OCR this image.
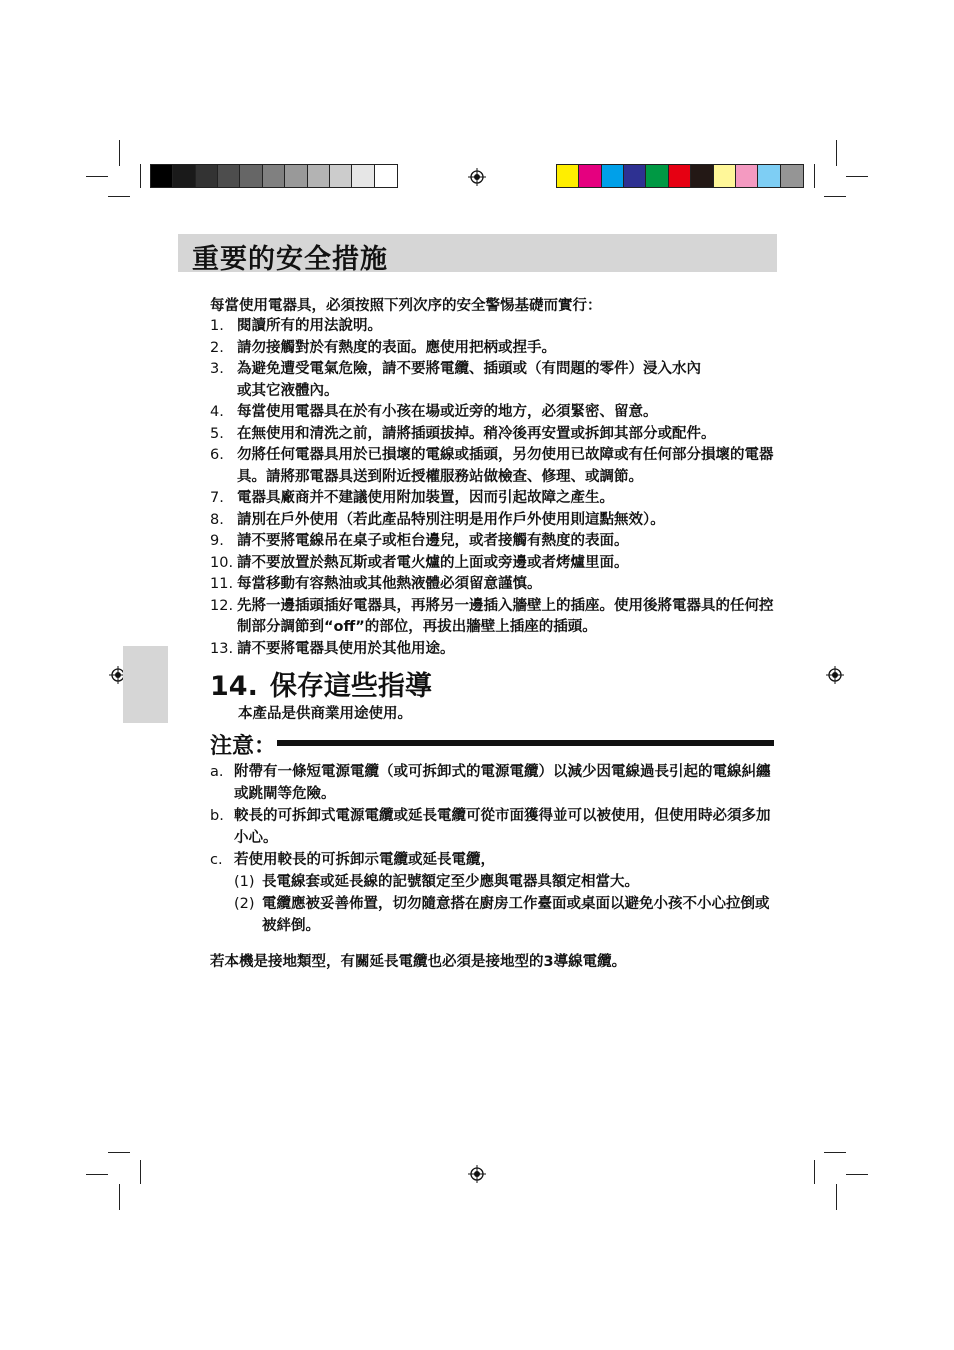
重要的安全措施
每當使用電器具，必須按照下列次序的安全警惕基礎而實行：
1. 閱讀所有的用法說明。
2. 請勿接觸對於有熱度的表面。應使用把柄或捏手。
3. 為避免遭受電氣危險，請不要將電纜、插頭或（有問題的零件）浸入水內或其它液體內。
4. 每當使用電器具在於有小孩在場或近旁的地方，必須緊密、留意。
5. 在無使用和清洗之前，請將插頭拔掉。稍冷後再安置或拆卸其部分或配件。
6. 勿將任何電器具用於已損壞的電線或插頭，另勿使用已故障或有任何部分損壞的電器具。請將那電器具送到附近授權服務站做檢查、修理、或調節。
7. 電器具廠商并不建議使用附加裝置，因而引起故障之產生。
8. 請別在戶外使用（若此產品特別注明是用作戶外使用則這點無效）。
9. 請不要將電線吊在桌子或柜台邊兒，或者接觸有熱度的表面。
10. 請不要放置於熱瓦斯或者電火爐的上面或旁邊或者烤爐里面。
11. 每當移動有容熱油或其他熱液體必須留意謹慎。
12. 先將一邊插頭插好電器具，再將另一邊插入牆壁上的插座。使用後將電器具的任何控制部分調節到“off”的部位，再拔出牆壁上插座的插頭。
13. 請不要將電器具使用於其他用途。
14. 保存這些指導
本產品是供商業用途使用。
注意：
a. 附帶有一條短電源電纜（或可拆卸式的電源電纜）以減少因電線過長引起的電線糾纏或跳閘等危險。
b. 較長的可拆卸式電源電纜或延長電纜可從市面獲得並可以被使用，但使用時必須多加小心。
c. 若使用較長的可拆卸示電纜或延長電纜，
(1) 長電線套或延長線的記號額定至少應與電器具額定相當大。
(2) 電纜應被妥善佈置，切勿隨意搭在廚房工作臺面或桌面以避免小孩不小心拉倒或被絆倒。
若本機是接地類型，有關延長電纜也必須是接地型的3導線電纜。
